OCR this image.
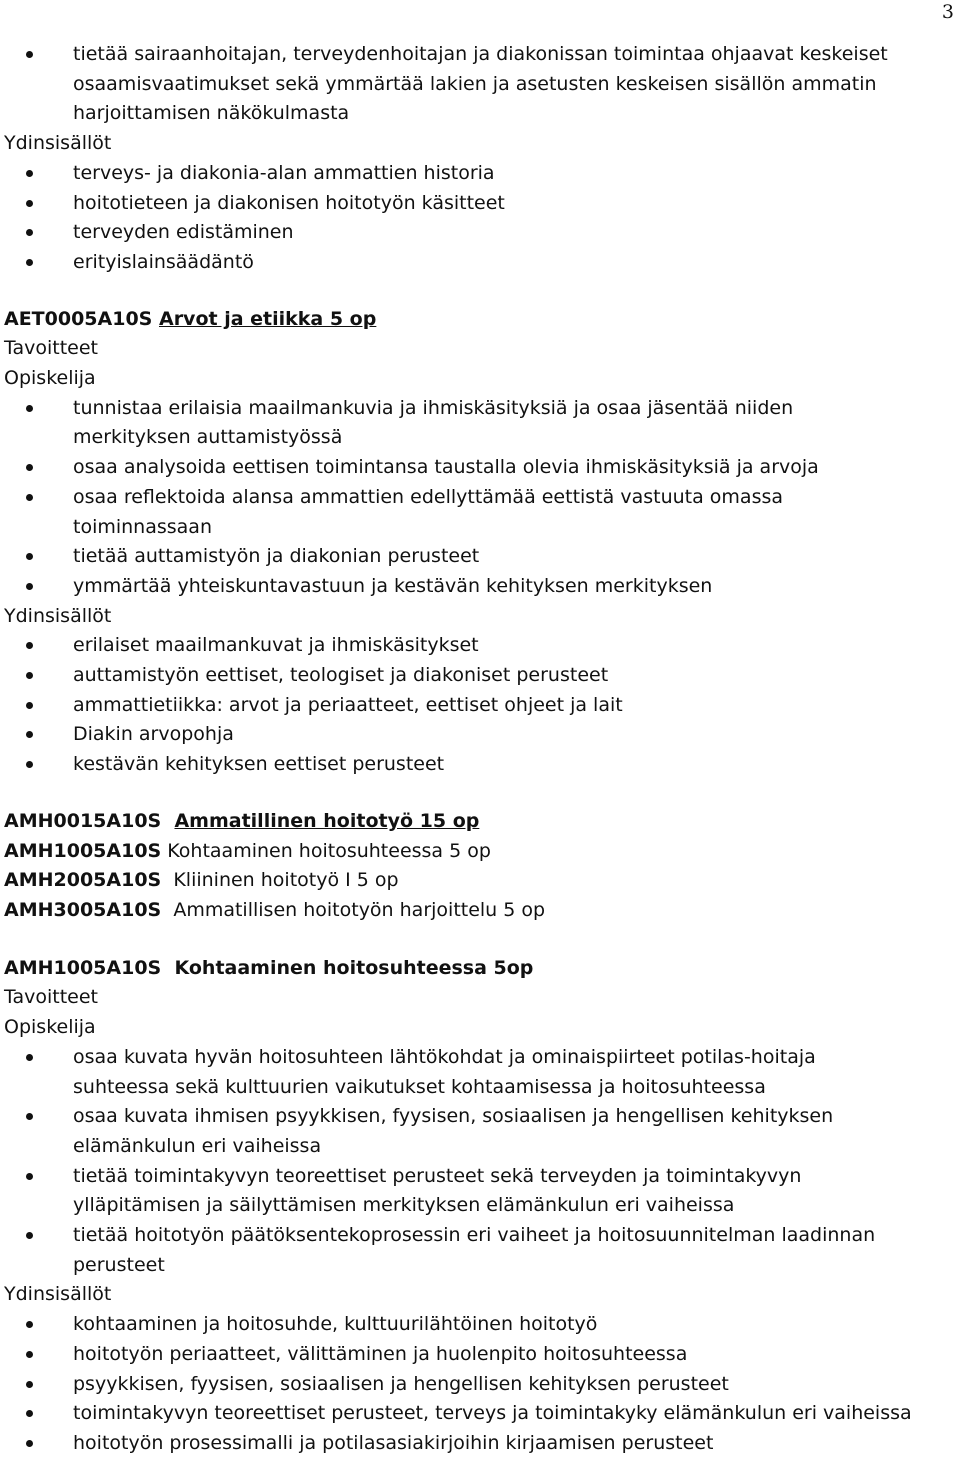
3
tietää sairaanhoitajan, terveydenhoitajan ja diakonissan toimintaa ohjaavat keskeiset
osaamisvaatimukset sekä ymmärtää lakien ja asetusten keskeisen sisällön ammatin
harjoittamisen näkökulmasta
Ydinsisällöt
terveys- ja diakonia-alan ammattien historia
hoitotieteen ja diakonisen hoitotyön käsitteet
terveyden edistäminen
erityislainsäädäntö
AET0005A10S Arvot ja etiikka 5 op
Tavoitteet
Opiskelija
tunnistaa erilaisia maailmankuvia ja ihmiskäsityksiä ja osaa jäsentää niiden
merkityksen auttamistyössä
osaa analysoida eettisen toimintansa taustalla olevia ihmiskäsityksiä ja arvoja
osaa reflektoida alansa ammattien edellyttämää eettistä vastuuta omassa
toiminnassaan
tietää auttamistyön ja diakonian perusteet
ymmärtää yhteiskuntavastuun ja kestävän kehityksen merkityksen
Ydinsisällöt
erilaiset maailmankuvat ja ihmiskäsitykset
auttamistyön eettiset, teologiset ja diakoniset perusteet
ammattietiikka: arvot ja periaatteet, eettiset ohjeet ja lait
Diakin arvopohja
kestävän kehityksen eettiset perusteet
AMH0015A10S Ammatillinen hoitotyö 15 op
AMH1005A10S Kohtaaminen hoitosuhteessa 5 op
AMH2005A10S Kliininen hoitotyö I 5 op
AMH3005A10S Ammatillisen hoitotyön harjoittelu 5 op
AMH1005A10S Kohtaaminen hoitosuhteessa 5op
Tavoitteet
Opiskelija
osaa kuvata hyvän hoitosuhteen lähtökohdat ja ominaispiirteet potilas-hoitaja
suhteessa sekä kulttuurien vaikutukset kohtaamisessa ja hoitosuhteessa
osaa kuvata ihmisen psyykkisen, fyysisen, sosiaalisen ja hengellisen kehityksen
elämänkulun eri vaiheissa
tietää toimintakyvyn teoreettiset perusteet sekä terveyden ja toimintakyvyn
ylläpitämisen ja säilyttämisen merkityksen elämänkulun eri vaiheissa
tietää hoitotyön päätöksentekoprosessin eri vaiheet ja hoitosuunnitelman laadinnan
perusteet
Ydinsisällöt
kohtaaminen ja hoitosuhde, kulttuurilähtöinen hoitotyö
hoitotyön periaatteet, välittäminen ja huolenpito hoitosuhteessa
psyykkisen, fyysisen, sosiaalisen ja hengellisen kehityksen perusteet
toimintakyvyn teoreettiset perusteet, terveys ja toimintakyky elämänkulun eri vaiheissa
hoitotyön prosessimalli ja potilasasiakirjoihin kirjaamisen perusteet
